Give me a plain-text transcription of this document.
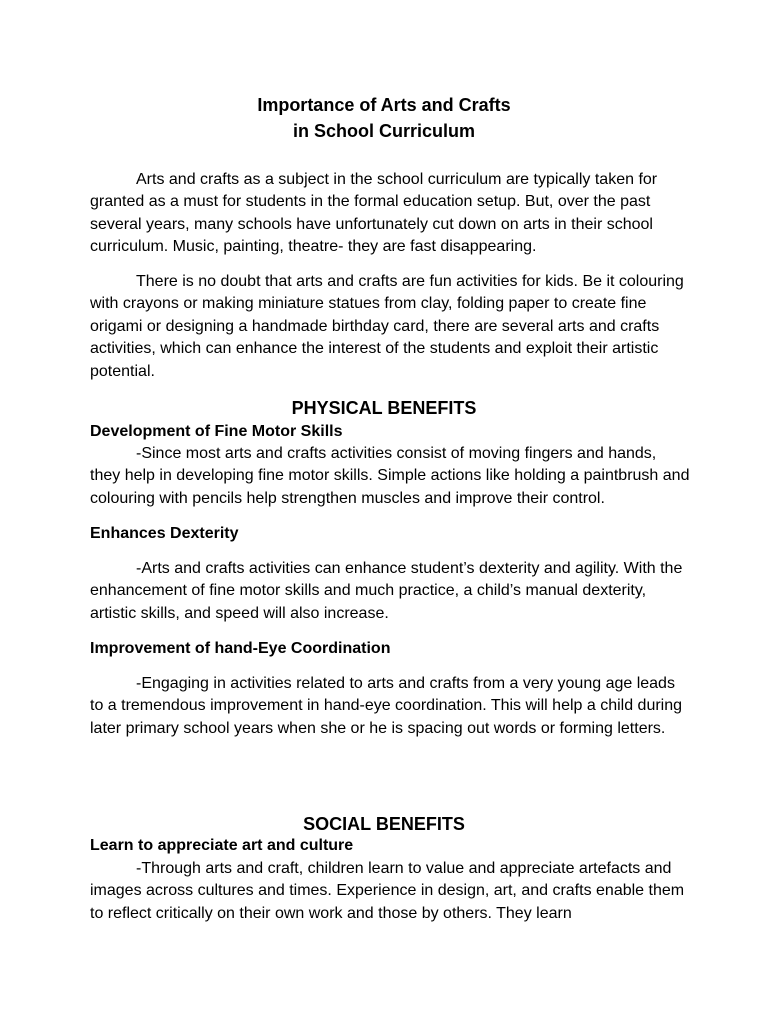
Importance of Arts and Crafts
in School Curriculum

Arts and crafts as a subject in the school curriculum are typically taken for granted as a must for students in the formal education setup. But, over the past several years, many schools have unfortunately cut down on arts in their school curriculum. Music, painting, theatre- they are fast disappearing.

There is no doubt that arts and crafts are fun activities for kids. Be it colouring with crayons or making miniature statues from clay, folding paper to create fine origami or designing a handmade birthday card, there are several arts and crafts activities, which can enhance the interest of the students and exploit their artistic potential.

PHYSICAL BENEFITS
Development of Fine Motor Skills

-Since most arts and crafts activities consist of moving fingers and hands, they help in developing fine motor skills. Simple actions like holding a paintbrush and colouring with pencils help strengthen muscles and improve their control.

Enhances Dexterity

-Arts and crafts activities can enhance student’s dexterity and agility. With the enhancement of fine motor skills and much practice, a child’s manual dexterity, artistic skills, and speed will also increase.

Improvement of hand-Eye Coordination

-Engaging in activities related to arts and crafts from a very young age leads to a tremendous improvement in hand-eye coordination. This will help a child during later primary school years when she or he is spacing out words or forming letters.

SOCIAL BENEFITS
Learn to appreciate art and culture

-Through arts and craft, children learn to value and appreciate artefacts and images across cultures and times. Experience in design, art, and crafts enable them to reflect critically on their own work and those by others. They learn
